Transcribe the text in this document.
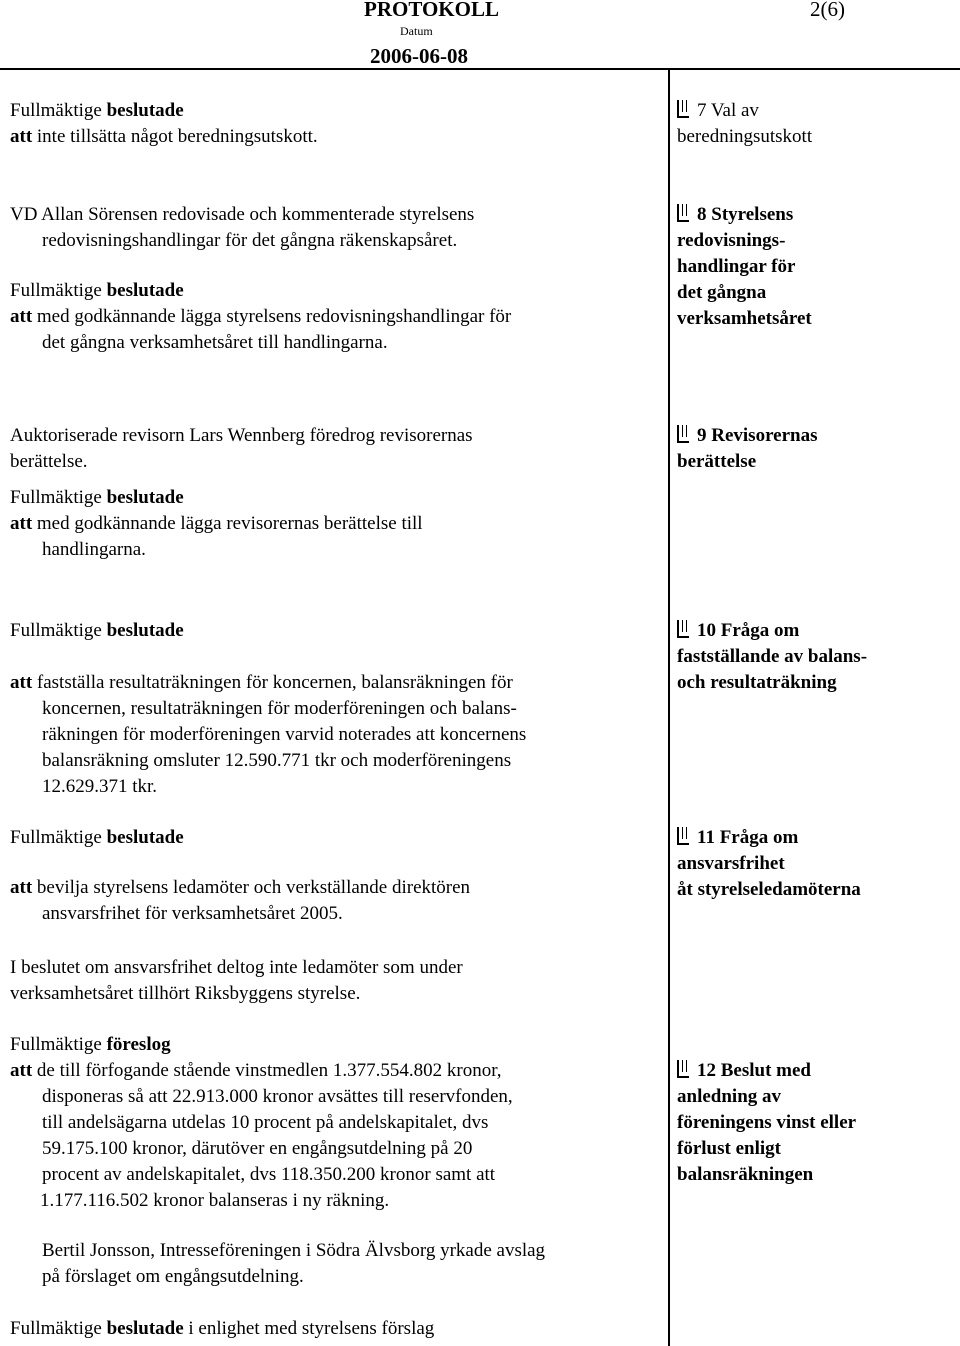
PROTOKOLL	2(6)
Datum
2006-06-08
Fullmäktige beslutade
att inte tillsätta något beredningsutskott.
7 Val av
beredningsutskott
VD Allan Sörensen redovisade och kommenterade styrelsens
redovisningshandlingar för det gångna räkenskapsåret.
Fullmäktige beslutade
att med godkännande lägga styrelsens redovisningshandlingar för
det gångna verksamhetsåret till handlingarna.
8 Styrelsens
redovisnings-
handlingar för
det gångna
verksamhetsåret
Auktoriserade revisorn Lars Wennberg föredrog revisorernas
berättelse.
Fullmäktige beslutade
att med godkännande lägga revisorernas berättelse till
handlingarna.
9 Revisorernas
berättelse
Fullmäktige beslutade
att fastställa resultaträkningen för koncernen, balansräkningen för
koncernen, resultaträkningen för moderföreningen och balans-
räkningen för moderföreningen varvid noterades att koncernens
balansräkning omsluter 12.590.771 tkr och moderföreningens
12.629.371 tkr.
10 Fråga om
fastställande av balans-
och resultaträkning
Fullmäktige beslutade
att bevilja styrelsens ledamöter och verkställande direktören
ansvarsfrihet för verksamhetsåret 2005.
I beslutet om ansvarsfrihet deltog inte ledamöter som under
verksamhetsåret tillhört Riksbyggens styrelse.
11 Fråga om
ansvarsfrihet
åt styrelseledamöterna
Fullmäktige föreslog
att de till förfogande stående vinstmedlen 1.377.554.802 kronor,
disponeras så att 22.913.000 kronor avsättes till reservfonden,
till andelsägarna utdelas 10 procent på andelskapitalet, dvs
59.175.100 kronor, därutöver en engångsutdelning på 20
procent av andelskapitalet, dvs 118.350.200 kronor samt att
1.177.116.502 kronor balanseras i ny räkning.
Bertil Jonsson, Intresseföreningen i Södra Älvsborg yrkade avslag
på förslaget om engångsutdelning.
Fullmäktige beslutade i enlighet med styrelsens förslag
12 Beslut med
anledning av
föreningens vinst eller
förlust enligt
balansräkningen
